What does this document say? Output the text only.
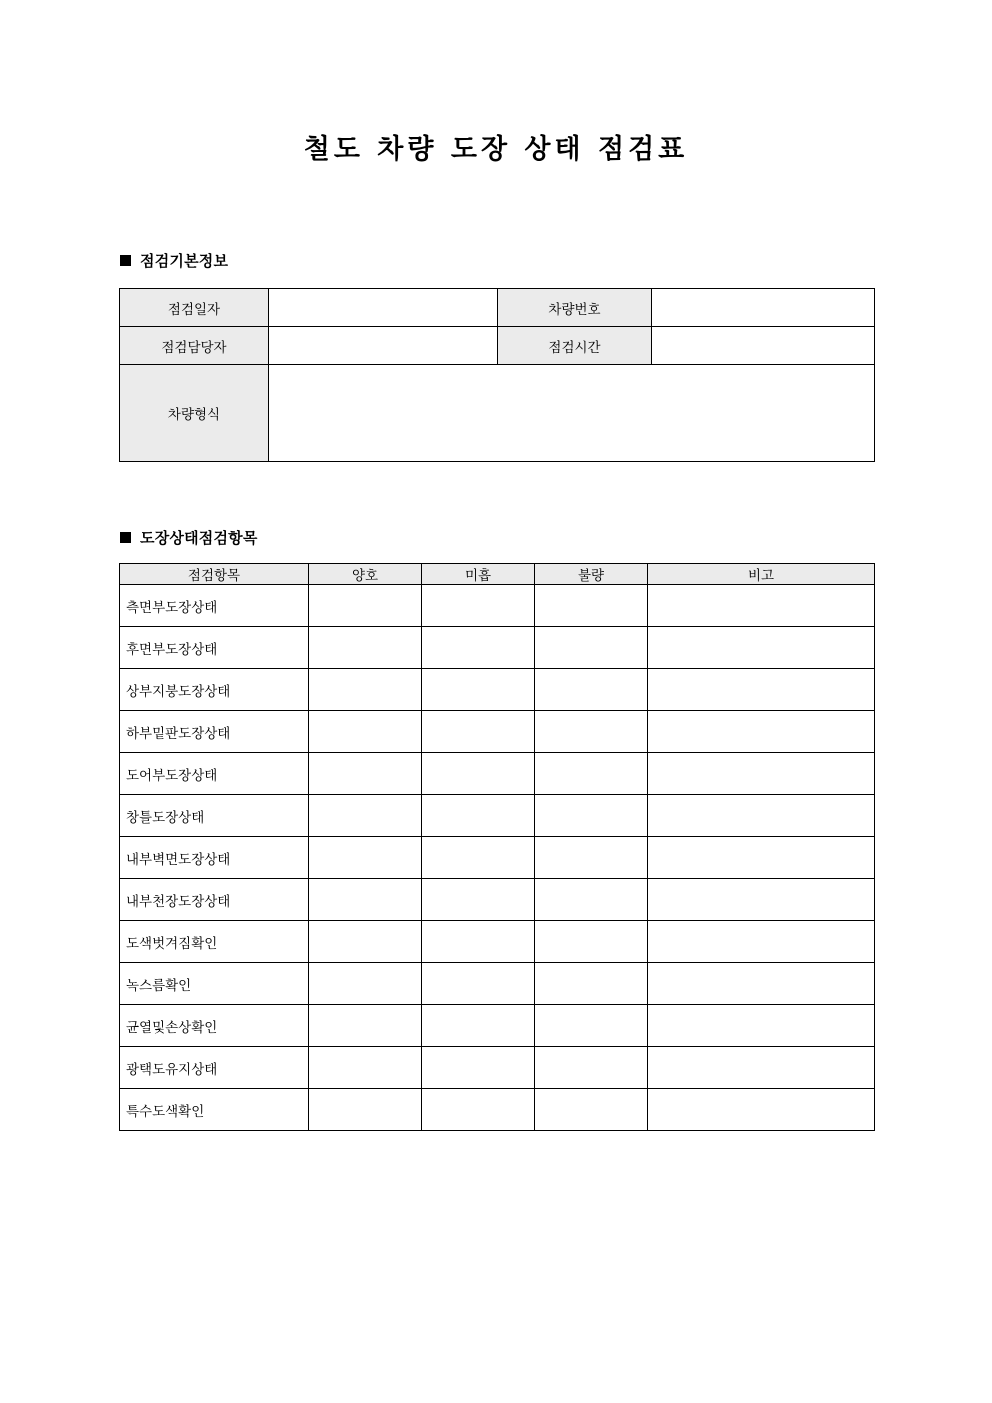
철도 차량 도장 상태 점검표
점검기본정보
점검일자		차량번호	
점검담당자		점검시간	
차량형식			
도장상태점검항목
점검항목	양호	미흡	불량	비고
측면부도장상태				
후면부도장상태				
상부지붕도장상태				
하부밑판도장상태				
도어부도장상태				
창틀도장상태				
내부벽면도장상태				
내부천장도장상태				
도색벗겨짐확인				
녹스름확인				
균열및손상확인				
광택도유지상태				
특수도색확인				
